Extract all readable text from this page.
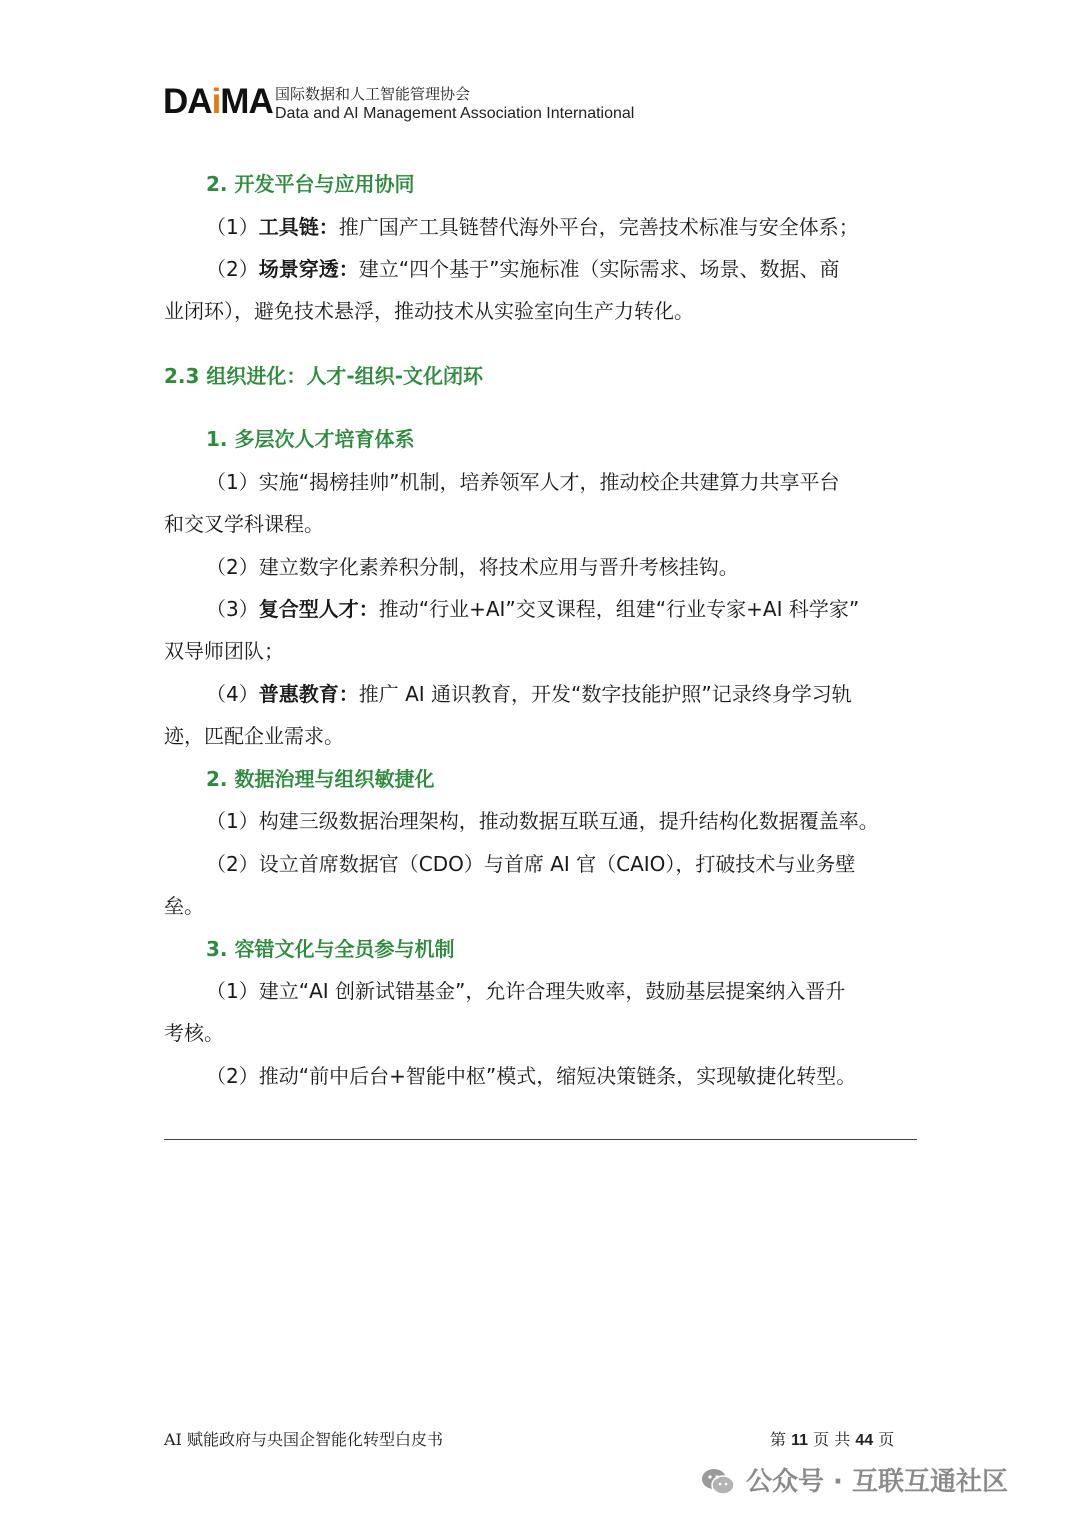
DAiMA 国际数据和人工智能管理协会
Data and AI Management Association International
2. 开发平台与应用协同
（1）工具链：推广国产工具链替代海外平台，完善技术标准与安全体系；
（2）场景穿透：建立“四个基于”实施标准（实际需求、场景、数据、商
业闭环），避免技术悬浮，推动技术从实验室向生产力转化。
2.3 组织进化：人才-组织-文化闭环
1. 多层次人才培育体系
（1）实施“揭榜挂帅”机制，培养领军人才，推动校企共建算力共享平台
和交叉学科课程。
（2）建立数字化素养积分制，将技术应用与晋升考核挂钩。
（3）复合型人才：推动“行业+AI”交叉课程，组建“行业专家+AI 科学家”
双导师团队；
（4）普惠教育：推广 AI 通识教育，开发“数字技能护照”记录终身学习轨
迹，匹配企业需求。
2. 数据治理与组织敏捷化
（1）构建三级数据治理架构，推动数据互联互通，提升结构化数据覆盖率。
（2）设立首席数据官（CDO）与首席 AI 官（CAIO），打破技术与业务壁
垒。
3. 容错文化与全员参与机制
（1）建立“AI 创新试错基金”，允许合理失败率，鼓励基层提案纳入晋升
考核。
（2）推动“前中后台+智能中枢”模式，缩短决策链条，实现敏捷化转型。
AI 赋能政府与央国企智能化转型白皮书	第 11 页 共 44 页
公众号 · 互联互通社区
